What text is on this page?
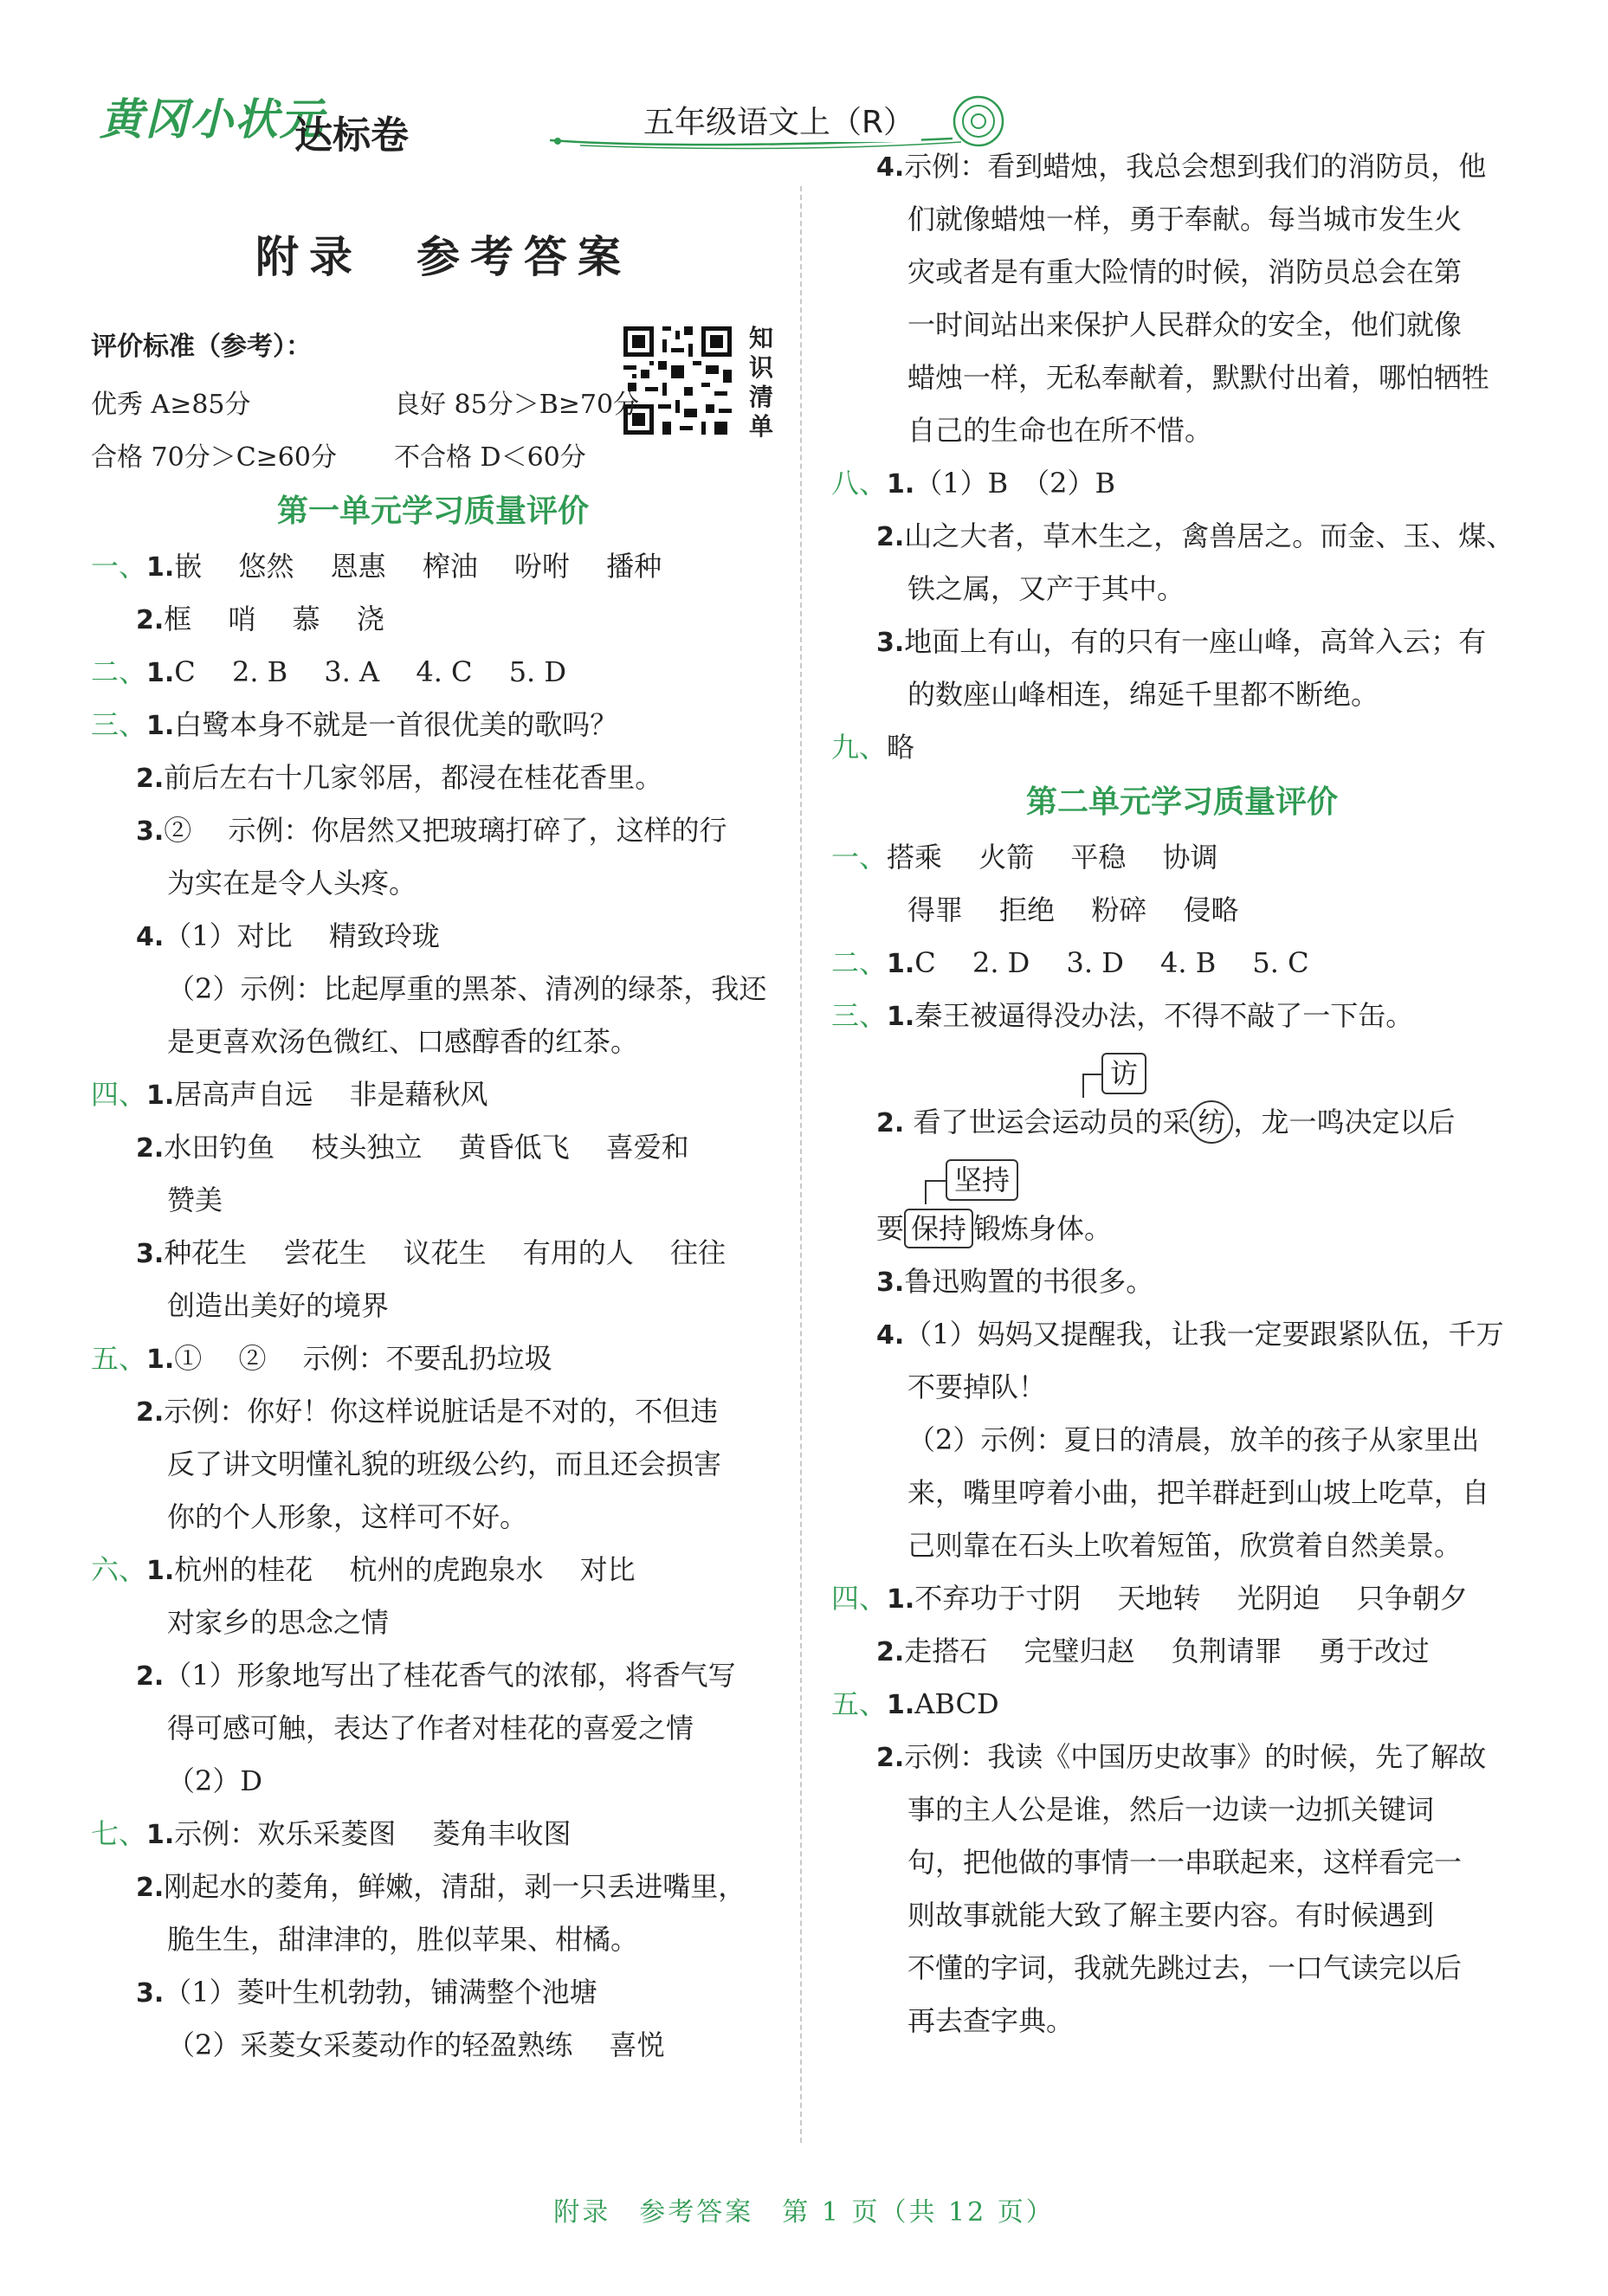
黄冈小状元
达标卷	五年级语文上（R）
附录　参考答案
知识清单
评价标准（参考）：
优秀 A≥85分	良好 85分＞B≥70分
合格 70分＞C≥60分 不合格 D＜60分
第一单元学习质量评价
一、1.嵌　 悠然　 恩惠　 榨油　 吩咐　 播种
2.框　 哨　 慕　 浇
二、1.C　 2. B　 3. A　 4. C　 5. D
三、1.白鹭本身不就是一首很优美的歌吗？
2.前后左右十几家邻居，都浸在桂花香里。
3.②　 示例：你居然又把玻璃打碎了，这样的行
为实在是令人头疼。
4.（1）对比　 精致玲珑
（2）示例：比起厚重的黑茶、清冽的绿茶，我还
是更喜欢汤色微红、口感醇香的红茶。
四、1.居高声自远　 非是藉秋风
2.水田钓鱼　 枝头独立　 黄昏低飞　 喜爱和
赞美
3.种花生　 尝花生　 议花生　 有用的人　 往往
创造出美好的境界
五、1.①　 ②　 示例：不要乱扔垃圾
2.示例：你好！你这样说脏话是不对的，不但违
反了讲文明懂礼貌的班级公约，而且还会损害
你的个人形象，这样可不好。
六、1.杭州的桂花　 杭州的虎跑泉水　 对比
对家乡的思念之情
2.（1）形象地写出了桂花香气的浓郁，将香气写
得可感可触，表达了作者对桂花的喜爱之情
（2）D
七、1.示例：欢乐采菱图　 菱角丰收图
2.刚起水的菱角，鲜嫩，清甜，剥一只丢进嘴里，
脆生生，甜津津的，胜似苹果、柑橘。
3.（1）菱叶生机勃勃，铺满整个池塘
（2）采菱女采菱动作的轻盈熟练　 喜悦
4.示例：看到蜡烛，我总会想到我们的消防员，他
们就像蜡烛一样，勇于奉献。每当城市发生火
灾或者是有重大险情的时候，消防员总会在第
一时间站出来保护人民群众的安全，他们就像
蜡烛一样，无私奉献着，默默付出着，哪怕牺牲
自己的生命也在所不惜。
八、1.（1）B　（2）B
2.山之大者，草木生之，禽兽居之。而金、玉、煤、
铁之属，又产于其中。
3.地面上有山，有的只有一座山峰，高耸入云；有
的数座山峰相连，绵延千里都不断绝。
九、略
第二单元学习质量评价
一、搭乘　 火箭　 平稳　 协调
得罪　 拒绝　 粉碎　 侵略
二、1.C　 2. D　 3. D　 4. B　 5. C
三、1.秦王被逼得没办法，不得不敲了一下缶。
访
2. 看了世运会运动员的采 纺 ，龙一鸣决定以后
坚持
要 保持 锻炼身体。
3.鲁迅购置的书很多。
4.（1）妈妈又提醒我，让我一定要跟紧队伍，千万
不要掉队！
（2）示例：夏日的清晨，放羊的孩子从家里出
来，嘴里哼着小曲，把羊群赶到山坡上吃草，自
己则靠在石头上吹着短笛，欣赏着自然美景。
四、1.不弃功于寸阴　 天地转　 光阴迫　 只争朝夕
2.走搭石　 完璧归赵　 负荆请罪　 勇于改过
五、1.ABCD
2.示例：我读《中国历史故事》的时候，先了解故
事的主人公是谁，然后一边读一边抓关键词
句，把他做的事情一一串联起来，这样看完一
则故事就能大致了解主要内容。有时候遇到
不懂的字词，我就先跳过去，一口气读完以后
再去查字典。
附录　参考答案　第 1 页（共 12 页）
